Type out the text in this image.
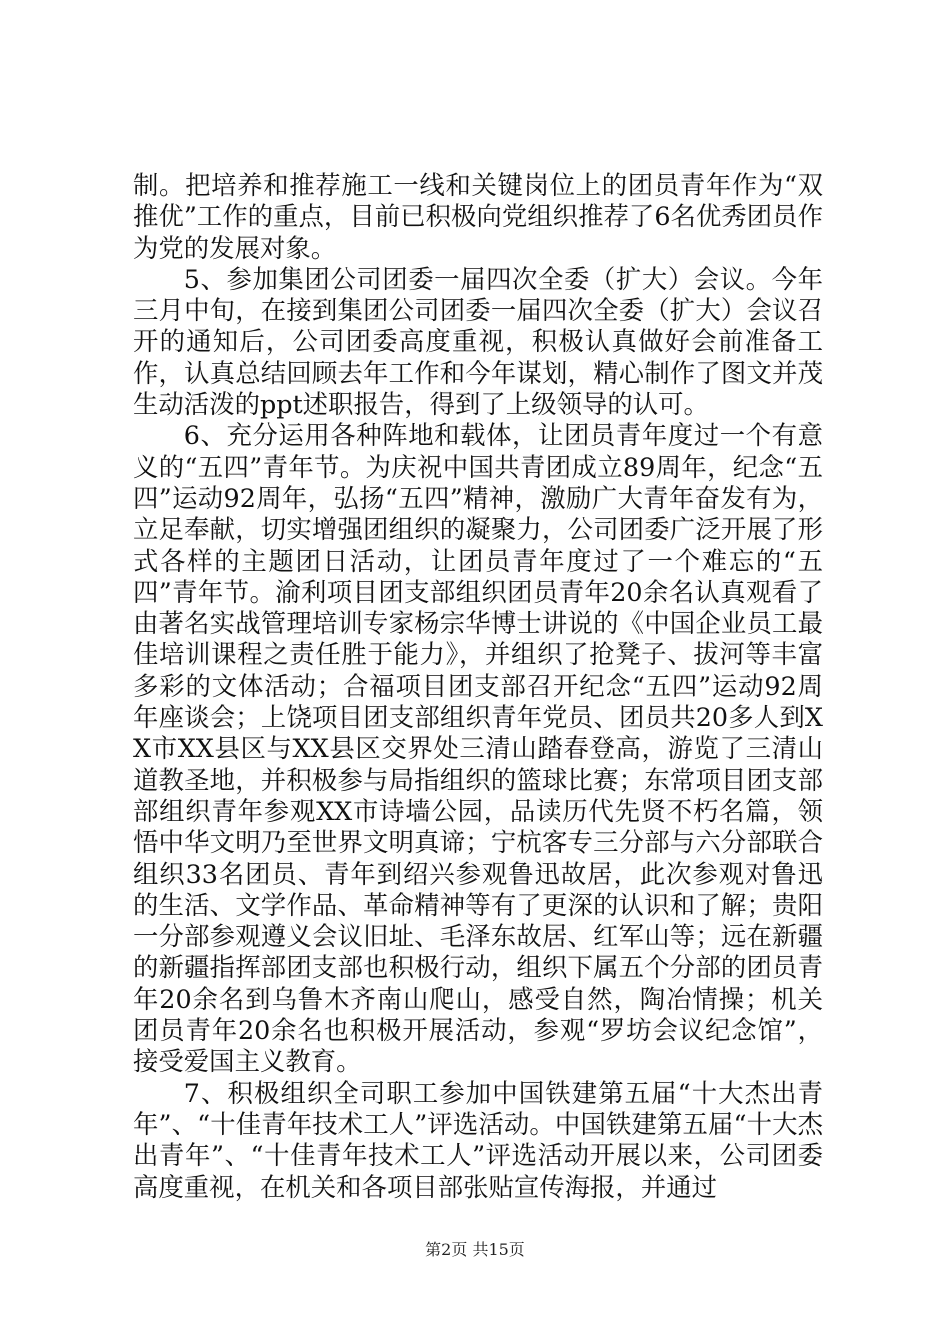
制。把培养和推荐施工一线和关键岗位上的团员青年作为“双推优”工作的重点，目前已积极向党组织推荐了6名优秀团员作为党的发展对象。

5、参加集团公司团委一届四次全委（扩大）会议。今年三月中旬，在接到集团公司团委一届四次全委（扩大）会议召开的通知后，公司团委高度重视，积极认真做好会前准备工作，认真总结回顾去年工作和今年谋划，精心制作了图文并茂生动活泼的ppt述职报告，得到了上级领导的认可。

6、充分运用各种阵地和载体，让团员青年度过一个有意义的“五四”青年节。为庆祝中国共青团成立89周年，纪念“五四”运动92周年，弘扬“五四”精神，激励广大青年奋发有为，立足奉献，切实增强团组织的凝聚力，公司团委广泛开展了形式各样的主题团日活动，让团员青年度过了一个难忘的“五四”青年节。渝利项目团支部组织团员青年20余名认真观看了由著名实战管理培训专家杨宗华博士讲说的《中国企业员工最佳培训课程之责任胜于能力》，并组织了抢凳子、拔河等丰富多彩的文体活动；合福项目团支部召开纪念“五四”运动92周年座谈会；上饶项目团支部组织青年党员、团员共20多人到XX市XX县区与XX县区交界处三清山踏春登高，游览了三清山道教圣地，并积极参与局指组织的篮球比赛；东常项目团支部部组织青年参观XX市诗墙公园，品读历代先贤不朽名篇，领悟中华文明乃至世界文明真谛；宁杭客专三分部与六分部联合组织33名团员、青年到绍兴参观鲁迅故居，此次参观对鲁迅的生活、文学作品、革命精神等有了更深的认识和了解；贵阳一分部参观遵义会议旧址、毛泽东故居、红军山等；远在新疆的新疆指挥部团支部也积极行动，组织下属五个分部的团员青年20余名到乌鲁木齐南山爬山，感受自然，陶冶情操；机关团员青年20余名也积极开展活动，参观“罗坊会议纪念馆”，接受爱国主义教育。

7、积极组织全司职工参加中国铁建第五届“十大杰出青年”、“十佳青年技术工人”评选活动。中国铁建第五届“十大杰出青年”、“十佳青年技术工人”评选活动开展以来，公司团委高度重视，在机关和各项目部张贴宣传海报，并通过

第2页 共15页
